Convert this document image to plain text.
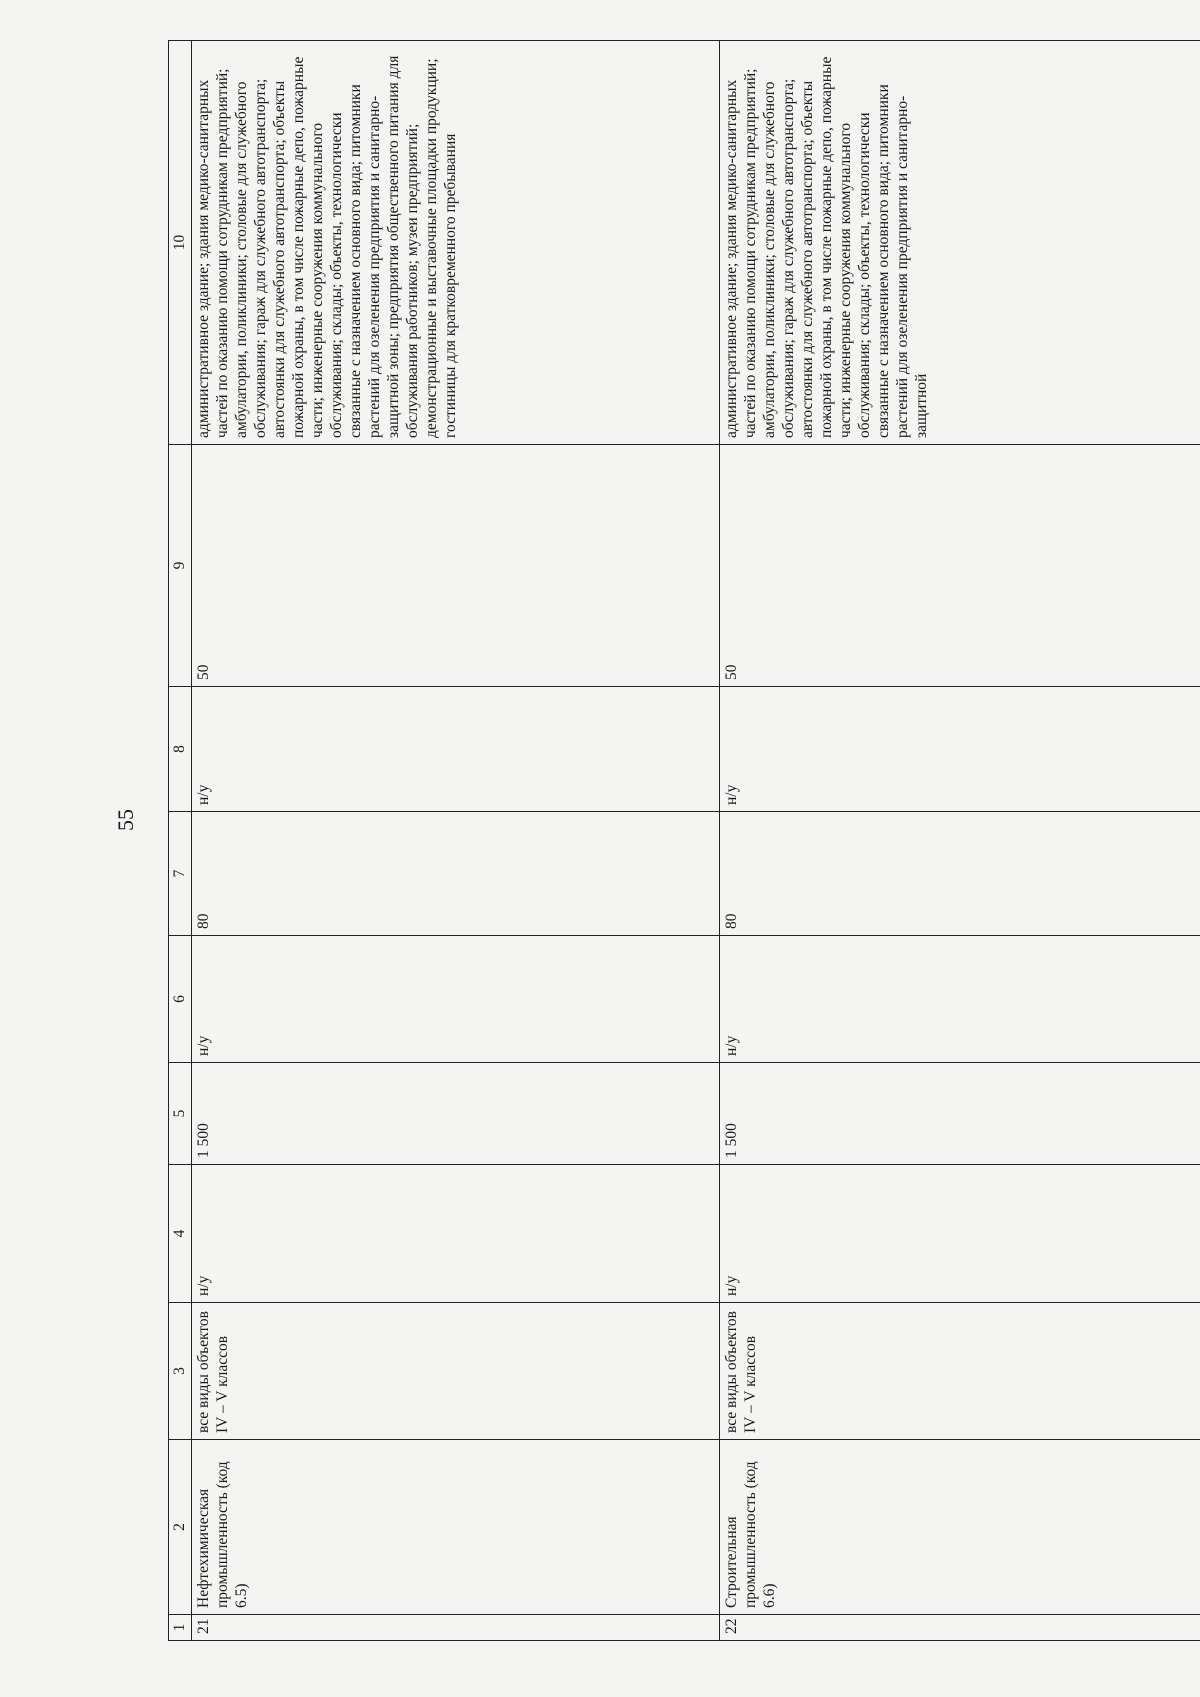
55
1	2	3	4	5	6	7	8	9	10
21	Нефтехимическая промышленность (код 6.5)	все виды объектов IV – V классов	н/у	1 500	н/у	80	н/у	50	административное здание; здания медико-санитарных частей по оказанию помощи сотрудникам предприятий; амбулатории, поликлиники; столовые для служебного обслуживания; гараж для служебного автотранспорта; автостоянки для служебного автотранспорта; объекты пожарной охраны, в том числе пожарные депо, пожарные части; инженерные сооружения коммунального обслуживания; склады; объекты, технологически связанные с назначением основного вида; питомники растений для озеленения предприятия и санитарно-защитной зоны; предприятия общественного питания для обслуживания работников; музеи предприятий; демонстрационные и выставочные площадки продукции; гостиницы для кратковременного пребывания
22	Строительная промышленность (код 6.6)	все виды объектов IV – V классов	н/у	1 500	н/у	80	н/у	50	административное здание; здания медико-санитарных частей по оказанию помощи сотрудникам предприятий; амбулатории, поликлиники; столовые для служебного обслуживания; гараж для служебного автотранспорта; автостоянки для служебного автотранспорта; объекты пожарной охраны, в том числе пожарные депо, пожарные части; инженерные сооружения коммунального обслуживания; склады; объекты, технологически связанные с назначением основного вида; питомники растений для озеленения предприятия и санитарно-защитной
